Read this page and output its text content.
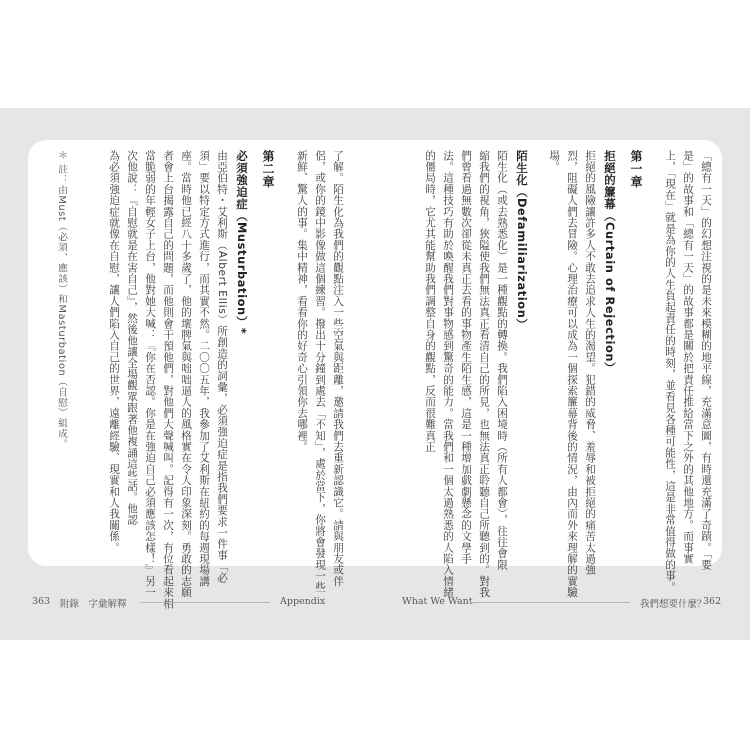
「總有一天」的幻想注視的是未來模糊的地平線，充滿意圖，有時還充滿了奇蹟。「要
是」的故事和「總有一天」的故事都是關於把責任推給當下之外的其他地方。而事實
上，「現在」就是為你的人生負起責任的時刻，並看見各種可能性，這是非常值得做的事。
第一章
拒絕的簾幕（Curtain of Rejection）
拒絕的風險讓許多人不敢去追求人生的渴望。犯錯的威脅、羞辱和被拒絕的痛苦太過強
烈，阻礙人們去冒險。心理治療可以成為一個探索簾幕背後的情況，由內而外來理解的實驗
場。
陌生化（Defamiliarization）
陌生化（或去熟悉化）是一種觀點的轉換。我們陷入困境時（所有人都會），往往會限
縮我們的視角，狹隘使我們無法真正看清自己的所見，也無法真正聆聽自己所聽到的。對我
們曾看過無數次卻從未真正去看的事物產生陌生感，這是一種增加戲劇懸念的文學手
法。這種技巧有助於喚醒我們對事物感到驚奇的能力。當我們和一個太過熟悉的人陷入情緒
的僵局時，它尤其能幫助我們調整自身的觀點，反而很難真正
了解。陌生化為我們的觀點注入一些空氣與距離，邀請我們去重新認識它。請與朋友或伴
侶，或你的鏡中影像做這個練習。撥出十分鐘到處去「不知」，處於當下，你將會發現一些
新鮮、驚人的事。集中精神，看看你的好奇心引領你去哪裡。
第二章
必須強迫症（Musturbation）*
由亞伯特・艾利斯（Albert Ellis）所創造的詞彙，必須強迫症是指我們要求一件事「必
須」要以特定方式進行，而其實不然。二〇〇五年，我參加了艾利斯在紐約的每週現場講
座。當時他已經八十多歲了，他的壞脾氣與咄咄逼人的風格實在令人印象深刻。勇敢的志願
者會上台揭露自己的問題，而他則會干預他們，對他們大聲喊叫。記得有一次，有位看起來相
當脆弱的年輕女子上台，他對她大喊：『你在否認。你是在強迫自己必須應該怎樣！』另一
次他說：『自慰就是在害自己』，然後他讓全場觀眾跟著他複誦這些話。他認
為必須強迫症就像在自慰，讓人們陷入自己的世界，遠離經驗、現實和人我關係。
＊ 註：由Must（必須、應該）和Masturbation（自慰）組成。
363 附錄　字彙解釋	Appendix	What We Want	我們想要什麼？
362
